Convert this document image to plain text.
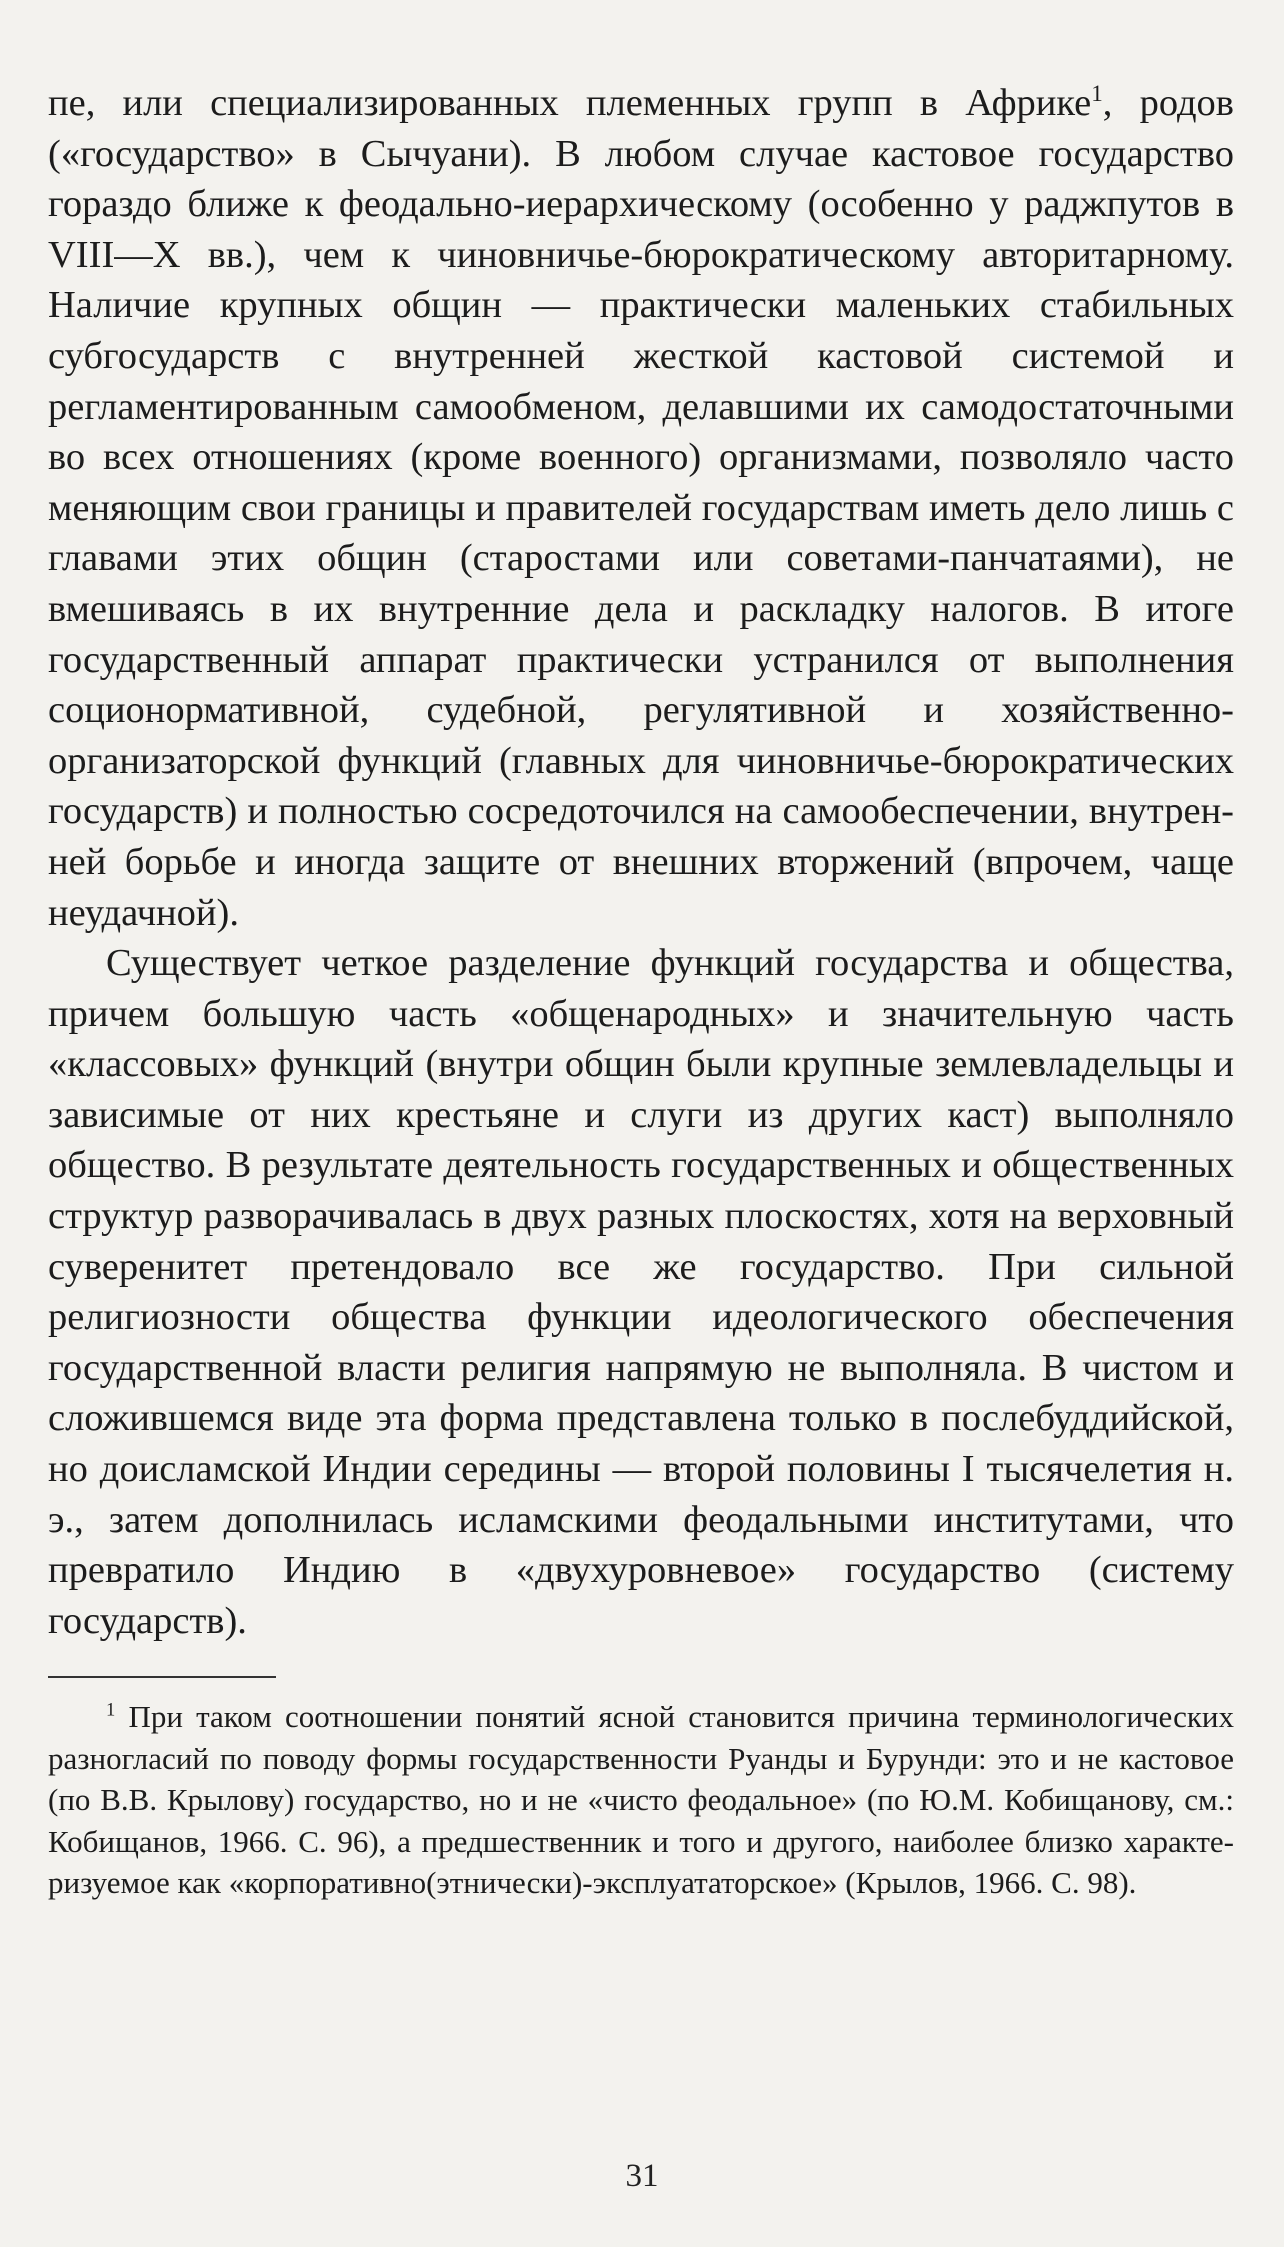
пе, или специализированных племенных групп в Африке$^1$, родов («государство» в Сычуани). В любом случае кастовое государство гораздо ближе к феодально-иерархическому (особенно у раджпутов в VIII—X вв.), чем к чиновничье-бюрократическому авторитарному. Наличие крупных общин — практически маленьких стабильных субгосударств с внутренней жесткой кастовой системой и регламентированным самообменом, делавшими их самодостаточными во всех отношениях (кроме военного) организмами, позволяло часто меняющим свои границы и правителей государствам иметь дело лишь с главами этих общин (старостами или советами-панчатаями), не вмешиваясь в их внутренние дела и раскладку налогов. В итоге государственный аппарат практически устранился от выполнения соционормативной, судебной, регулятивной и хозяйственно-организаторской функций (главных для чиновничье-бюрократических государств) и полностью сосредоточился на самообеспечении, внутренней борьбе и иногда защите от внешних вторжений (впрочем, чаще неудачной).

Существует четкое разделение функций государства и общества, причем большую часть «общенародных» и значительную часть «классовых» функций (внутри общин были крупные землевладельцы и зависимые от них крестьяне и слуги из других каст) выполняло общество. В результате деятельность государственных и общественных структур разворачивалась в двух разных плоскостях, хотя на верховный суверенитет претендовало все же государство. При сильной религиозности общества функции идеологического обеспечения государственной власти религия напрямую не выполняла. В чистом и сложившемся виде эта форма представлена только в послебуддийской, но доисламской Индии середины — второй половины I тысячелетия н. э., затем дополнилась исламскими феодальными институтами, что превратило Индию в «двухуровневое» государство (систему государств).

$^1$ При таком соотношении понятий ясной становится причина терминологических разногласий по поводу формы государственности Руанды и Бурунди: это и не кастовое (по В.В. Крылову) государство, но и не «чисто феодальное» (по Ю.М. Кобищанову, см.: Кобищанов, 1966. С. 96), а предшественник и того и другого, наиболее близко характеризуемое как «корпоративно(этнически)-эксплуататорское» (Крылов, 1966. С. 98).

31
